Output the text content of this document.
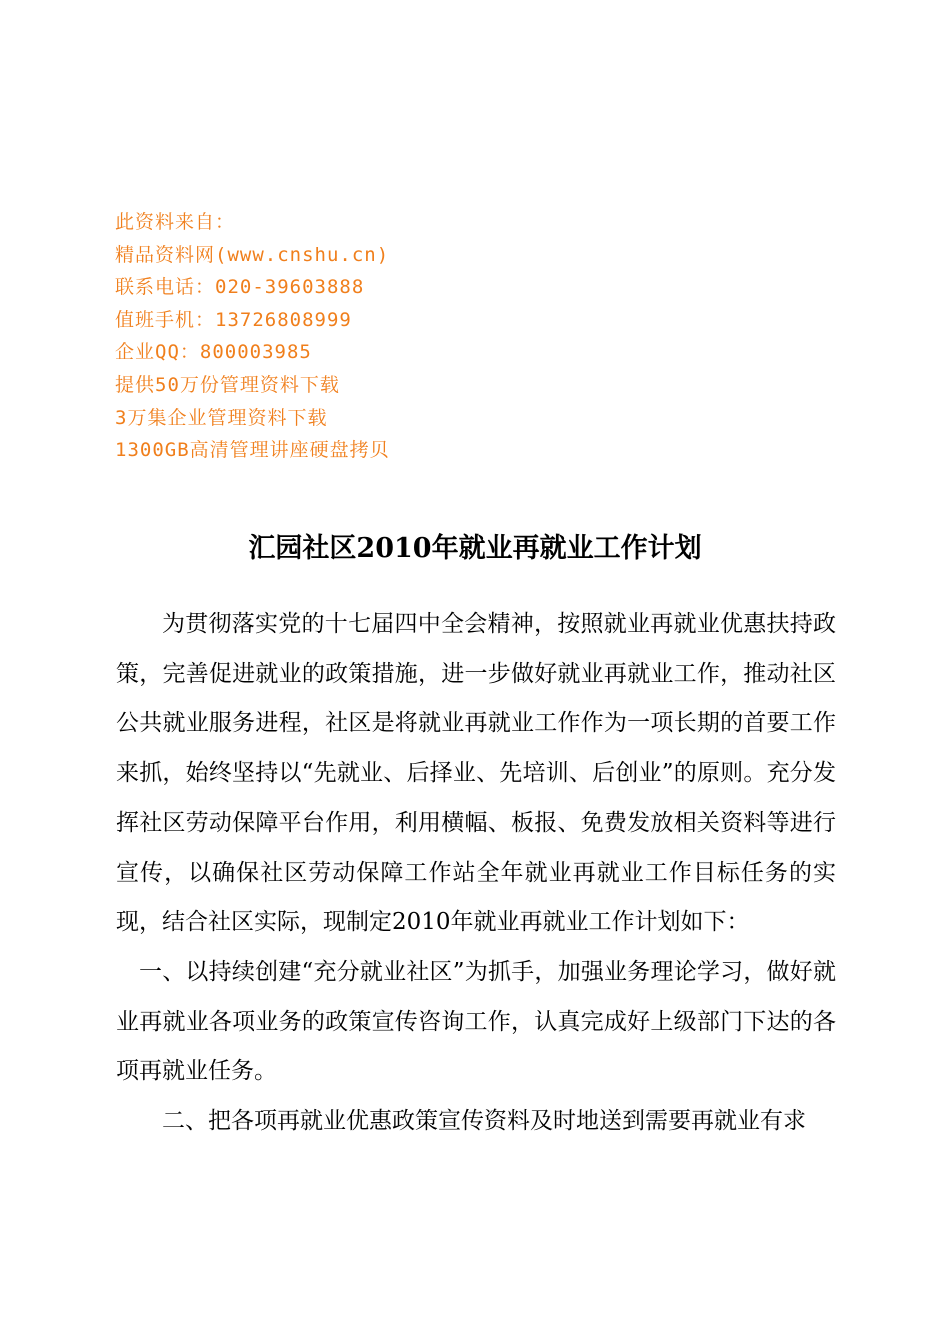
此资料来自：
精品资料网(www.cnshu.cn)
联系电话：020-39603888
值班手机：13726808999
企业QQ：800003985
提供50万份管理资料下载
3万集企业管理资料下载
1300GB高清管理讲座硬盘拷贝
汇园社区2010年就业再就业工作计划

为贯彻落实党的十七届四中全会精神，按照就业再就业优惠扶持政策，完善促进就业的政策措施，进一步做好就业再就业工作，推动社区公共就业服务进程，社区是将就业再就业工作作为一项长期的首要工作来抓，始终坚持以“先就业、后择业、先培训、后创业”的原则。充分发挥社区劳动保障平台作用，利用横幅、板报、免费发放相关资料等进行宣传，以确保社区劳动保障工作站全年就业再就业工作目标任务的实现，结合社区实际，现制定2010年就业再就业工作计划如下：

一、以持续创建“充分就业社区”为抓手，加强业务理论学习，做好就业再就业各项业务的政策宣传咨询工作，认真完成好上级部门下达的各项再就业任务。

二、把各项再就业优惠政策宣传资料及时地送到需要再就业有求
